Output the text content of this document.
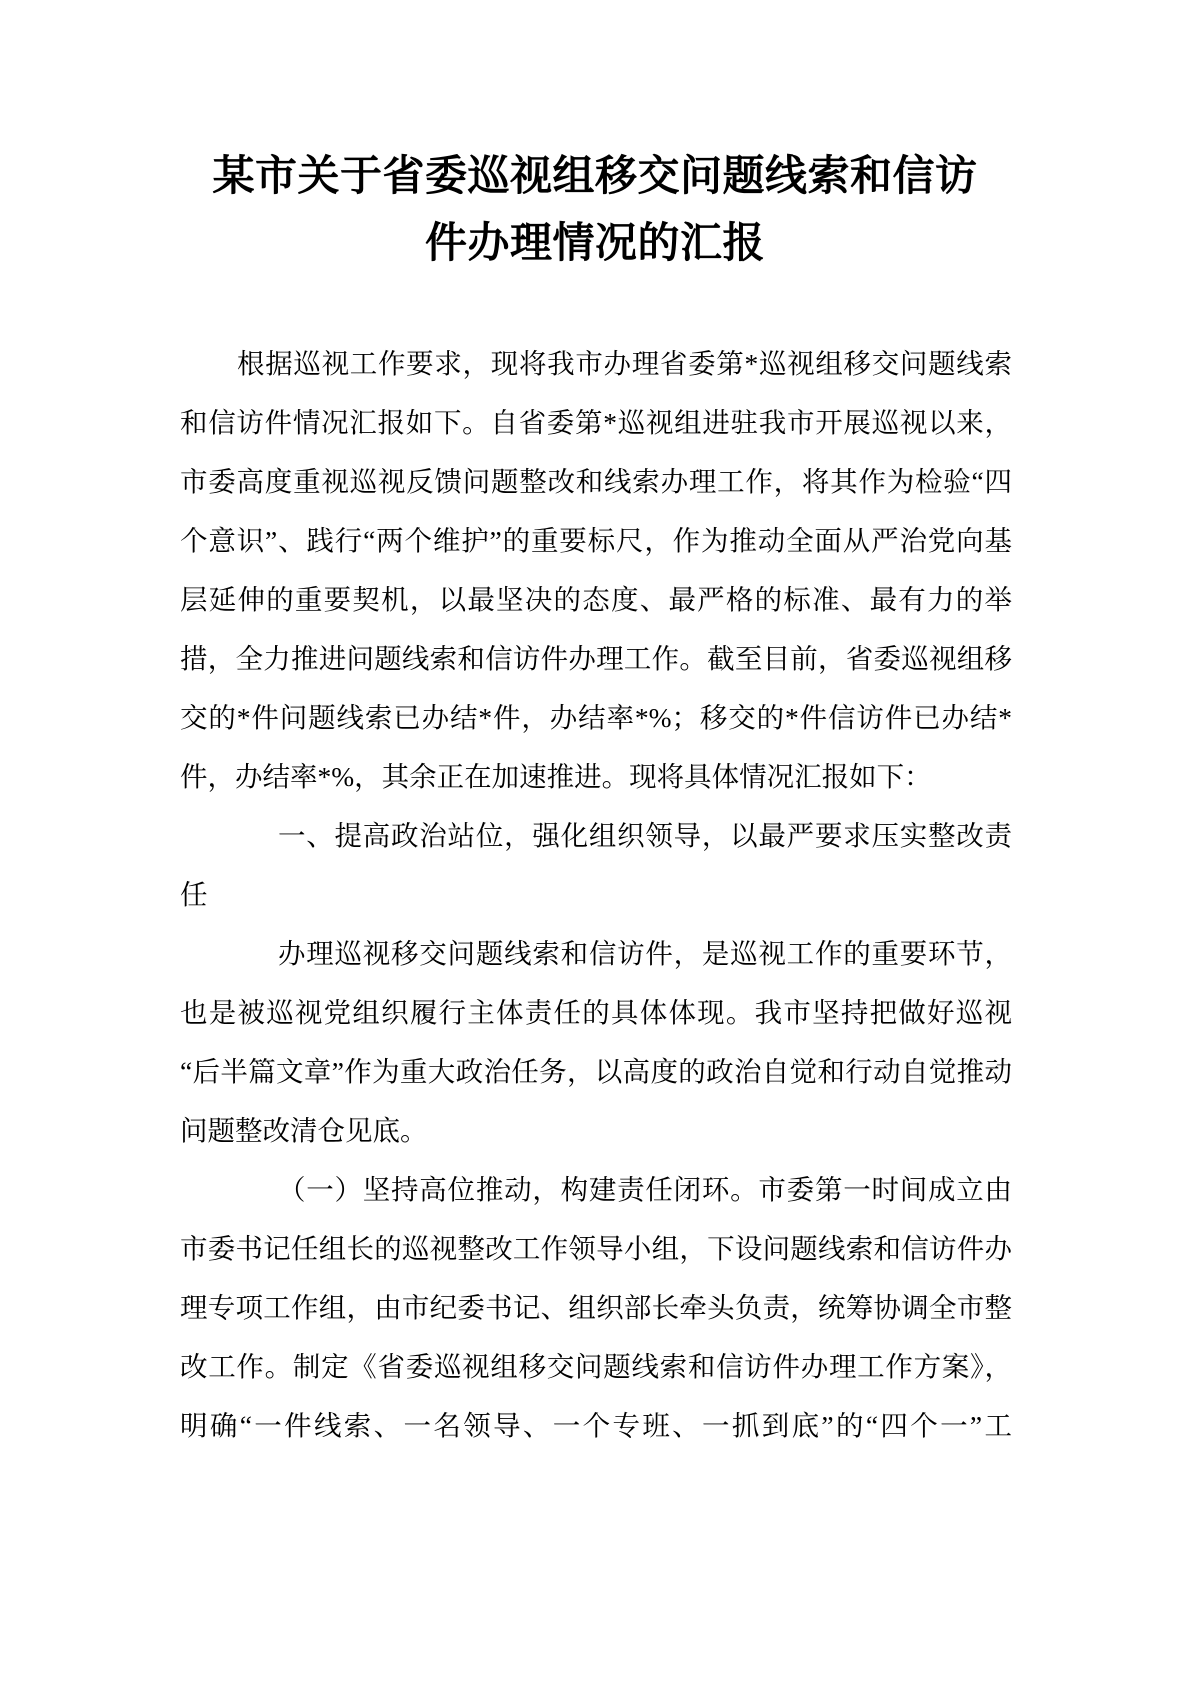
某市关于省委巡视组移交问题线索和信访
件办理情况的汇报

根据巡视工作要求，现将我市办理省委第*巡视组移交问题线索和信访件情况汇报如下。自省委第*巡视组进驻我市开展巡视以来，市委高度重视巡视反馈问题整改和线索办理工作，将其作为检验“四个意识”、践行“两个维护”的重要标尺，作为推动全面从严治党向基层延伸的重要契机，以最坚决的态度、最严格的标准、最有力的举措，全力推进问题线索和信访件办理工作。截至目前，省委巡视组移交的*件问题线索已办结*件，办结率*%；移交的*件信访件已办结*件，办结率*%，其余正在加速推进。现将具体情况汇报如下：

一、提高政治站位，强化组织领导，以最严要求压实整改责任

办理巡视移交问题线索和信访件，是巡视工作的重要环节，也是被巡视党组织履行主体责任的具体体现。我市坚持把做好巡视“后半篇文章”作为重大政治任务，以高度的政治自觉和行动自觉推动问题整改清仓见底。

（一）坚持高位推动，构建责任闭环。市委第一时间成立由市委书记任组长的巡视整改工作领导小组，下设问题线索和信访件办理专项工作组，由市纪委书记、组织部长牵头负责，统筹协调全市整改工作。制定《省委巡视组移交问题线索和信访件办理工作方案》，明确“一件线索、一名领导、一个专班、一抓到底”的“四个一”工
